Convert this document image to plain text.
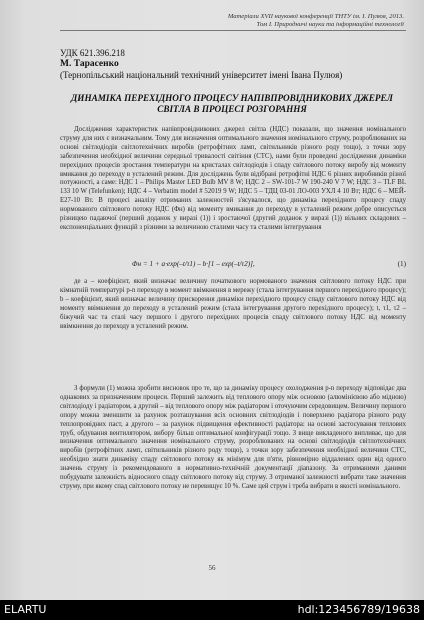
Матеріали XVII наукової конференції ТНТУ ім. І. Пулюя, 2013.
Том І. Природничі науки та інформаційні технології
УДК 621.396.218
М. Тарасенко
(Тернопільський національний технічний університет імені Івана Пулюя)
ДИНАМІКА ПЕРЕХІДНОГО ПРОЦЕСУ НАПІВПРОВІДНИКОВИХ ДЖЕРЕЛ СВІТЛА В ПРОЦЕСІ РОЗГОРАННЯ

Дослідження характеристик напівпровідникових джерел світла (НДС) показали, що значення номінального струму для них є визначальним. Тому для визначення оптимального значення номінального струму, розроблюваних на основі світлодіодів світлотехнічних виробів (ретрофітних ламп, світильників різного роду тощо), з точки зору забезпечення необхідної величини середньої тривалості світіння (СТС), нами були проведені дослідження динаміки перехідних процесів зростання температури на кристалах світлодіодів і спаду світлового потоку виробу від моменту вмикання до переходу в усталений режим. Для досліджень були відібрані ретрофітні НДС 6 різних виробників різної потужності, а саме: НДС 1 – Philips Master LED Bulb MV 8 W; НДС 2 – SW-101-7 W 190-240 V 7 W; НДС 3 – TLF BL 133 10 W (Telefunken); НДС 4 – Verbatim model # 52019 9 W; НДС 5 – ТДЦ 03-01 ЛО-003 УХЛ 4 10 Вт; НДС 6 – МЕЙ-E27-10 Вт. В процесі аналізу отриманих залежностей з'ясувалося, що динаміка перехідного процесу спаду нормованого світлового потоку НДС (Φн) від моменту вмикання до переходу в усталений режим добре описується різницею падаючої (перший доданок у виразі (1)) і зростаючої (другий доданок у виразі (1)) вільних складових – експоненціальних функцій з різними за величиною сталими часу та сталими інтегрування

Φн = 1 + a·exp(–t/τ1) – b·[1 – exp(–t/τ2)],	(1)

де a – коефіцієнт, який визначає величину початкового нормованого значення світлового потоку НДС при кімнатній температурі р-n переходу в момент ввімкнення в мережу (стала інтегрування першого перехідного процесу); b – коефіцієнт, який визначає величину прискорення динаміки перехідного процесу спаду світлового потоку НДС від моменту ввімкнення до переходу в усталений режим (стала інтегрування другого перехідного процесу); t, τ1, τ2 – біжучий час та сталі часу першого і другого перехідних процесів спаду світлового потоку НДС від моменту ввімкнення до переходу в усталений режим.

З формули (1) можна зробити висновок про те, що за динаміку процесу охолодження р-n переходу відповідає два однакових за призначенням процеси. Перший залежить від теплового опору між основою (алюмінієвою або мідною) світлодіоду і радіатором, а другий – від теплового опору між радіатором і оточуючим середовищем. Величину першого опору можна зменшити за рахунок розташування всіх основних світлодіодів і поверхнею радіатора різного роду теплопровідних паст, а другого – за рахунок підвищення ефективності радіатора: на основі застосування теплових труб, обдування вентилятором, вибору більш оптимальної конфігурації тощо. З вище викладеного випливає, що для визначення оптимального значення номінального струму, розроблюваних на основі світлодіодів світлотехнічних виробів (ретрофітних ламп, світильників різного роду тощо), з точки зору забезпечення необхідної величини СТС, необхідно знати динаміку спаду світлового потоку як мінімум для п'яти, рівномірно віддалених один від одного значень струму із рекомендованого в нормативно-технічній документації діапазону. За отриманими даними побудувати залежність відносного спаду світлового потоку від струму. З отриманої залежності вибрати таке значення струму, при якому спад світлового потоку не перевищує 10 %. Саме цей струм і треба вибрати в якості номінального.

56
ELARTU	hdl:123456789/19638
